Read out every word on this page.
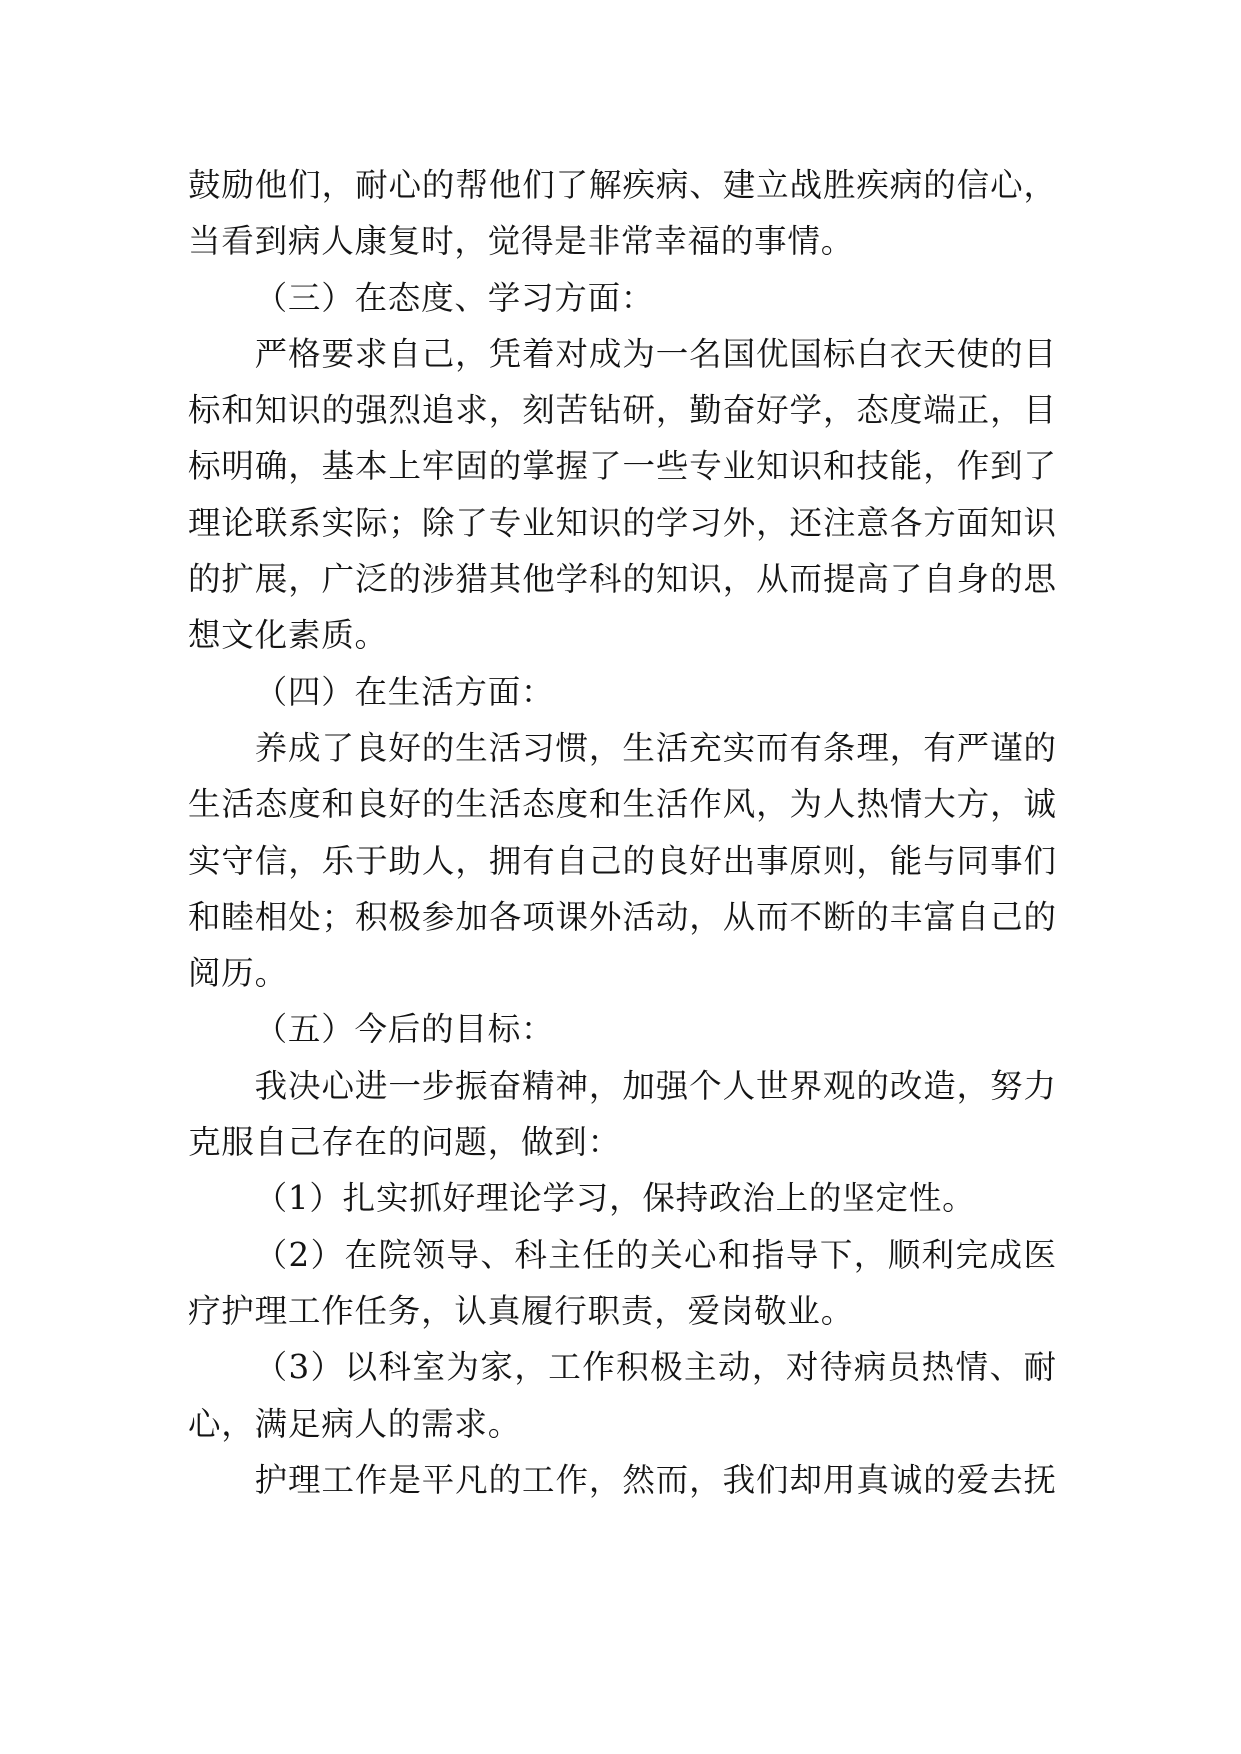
鼓励他们，耐心的帮他们了解疾病、建立战胜疾病的信心，
当看到病人康复时，觉得是非常幸福的事情。
（三）在态度、学习方面：
严格要求自己，凭着对成为一名国优国标白衣天使的目
标和知识的强烈追求，刻苦钻研，勤奋好学，态度端正，目
标明确，基本上牢固的掌握了一些专业知识和技能，作到了
理论联系实际；除了专业知识的学习外，还注意各方面知识
的扩展，广泛的涉猎其他学科的知识，从而提高了自身的思
想文化素质。
（四）在生活方面：
养成了良好的生活习惯，生活充实而有条理，有严谨的
生活态度和良好的生活态度和生活作风，为人热情大方，诚
实守信，乐于助人，拥有自己的良好出事原则，能与同事们
和睦相处；积极参加各项课外活动，从而不断的丰富自己的
阅历。
（五）今后的目标：
我决心进一步振奋精神，加强个人世界观的改造，努力
克服自己存在的问题，做到：
（1）扎实抓好理论学习，保持政治上的坚定性。
（2）在院领导、科主任的关心和指导下，顺利完成医
疗护理工作任务，认真履行职责，爱岗敬业。
（3）以科室为家，工作积极主动，对待病员热情、耐
心，满足病人的需求。
护理工作是平凡的工作，然而，我们却用真诚的爱去抚
